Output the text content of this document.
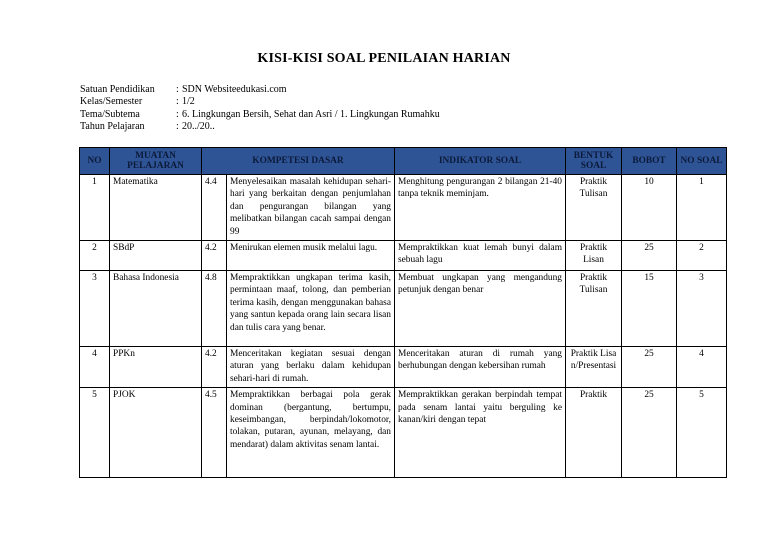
KISI-KISI SOAL PENILAIAN HARIAN
Satuan Pendidikan	: SDN Websiteedukasi.com
Kelas/Semester	: 1/2
Tema/Subtema	: 6. Lingkungan Bersih, Sehat dan Asri / 1. Lingkungan Rumahku
Tahun Pelajaran	: 20../20..
NO	MUATAN PELAJARAN	KOMPETESI DASAR		INDIKATOR SOAL	BENTUK SOAL	BOBOT	NO SOAL
1	Matematika	4.4	Menyelesaikan masalah kehidupan sehari-hari yang berkaitan dengan penjumlahan dan pengurangan bilangan yang melibatkan bilangan cacah sampai dengan 99	Menghitung pengurangan 2 bilangan 21-40 tanpa teknik meminjam.	Praktik Tulisan	10	1
2	SBdP	4.2	Menirukan elemen musik melalui lagu.	Mempraktikkan kuat lemah bunyi dalam sebuah lagu	Praktik Lisan	25	2
3	Bahasa Indonesia	4.8	Mempraktikkan ungkapan terima kasih, permintaan maaf, tolong, dan pemberian terima kasih, dengan menggunakan bahasa yang santun kepada orang lain secara lisan dan tulis cara yang benar.	Membuat ungkapan yang mengandung petunjuk dengan benar	Praktik Tulisan	15	3
4	PPKn	4.2	Menceritakan kegiatan sesuai dengan aturan yang berlaku dalam kehidupan sehari-hari di rumah.	Menceritakan aturan di rumah yang berhubungan dengan kebersihan rumah	Praktik Lisan/Presentasi	25	4
5	PJOK	4.5	Mempraktikkan berbagai pola gerak dominan (bergantung, bertumpu, keseimbangan, berpindah/lokomotor, tolakan, putaran, ayunan, melayang, dan mendarat) dalam aktivitas senam lantai.	Mempraktikkan gerakan berpindah tempat pada senam lantai yaitu berguling ke kanan/kiri dengan tepat	Praktik	25	5
